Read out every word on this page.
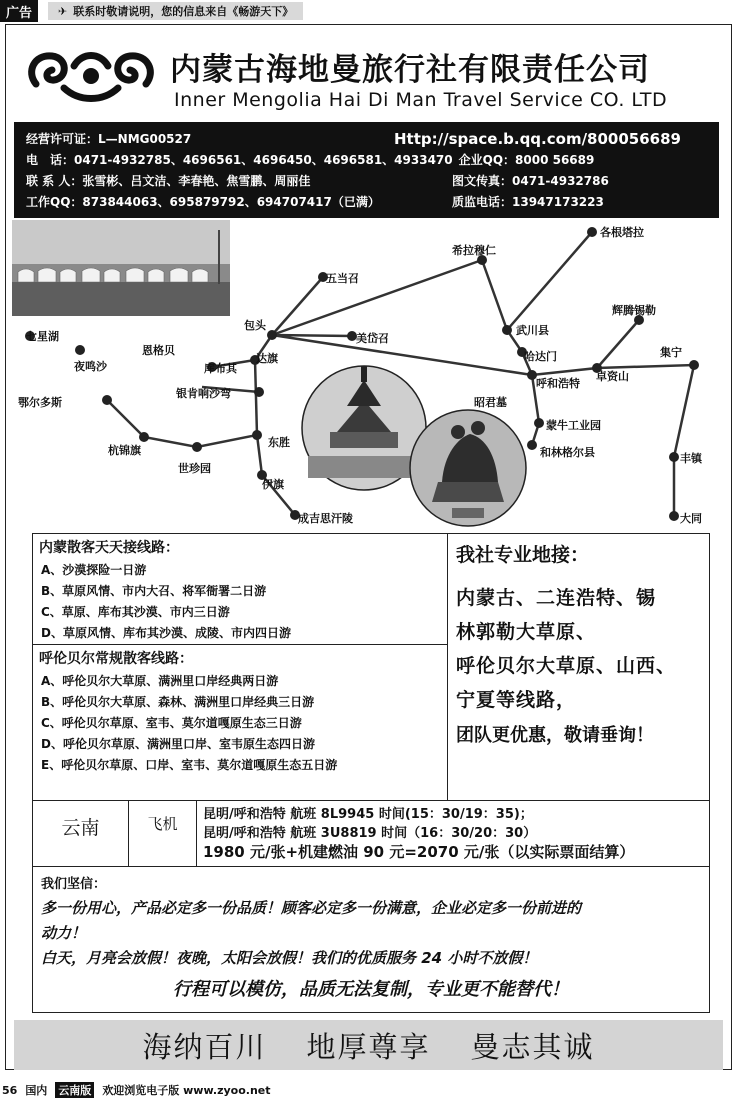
广告	✈ 联系时敬请说明，您的信息来自《畅游天下》
内蒙古海地曼旅行社有限责任公司
Inner Mengolia Hai Di Man Travel Service CO. LTD
经营许可证：L—NMG00527	Http://space.b.qq.com/800056689
电　话：0471-4932785、4696561、4696450、4696581、4933470 企业QQ：8000 56689
联 系 人：张雪彬、吕文洁、李春艳、焦雪鹏、周丽佳	图文传真：0471-4932786
工作QQ：873844063、695879792、694707417（已满）	质监电话：13947173223
七星湖
夜鸣沙
鄂尔多斯
五当召
包头
恩格贝
库布其
达旗
美岱召
银肯响沙弯
杭锦旗
世珍园
东胜
伊旗
成吉思汗陵
希拉穆仁
武川县
哈达门
呼和浩特
昭君墓
蒙牛工业园
和林格尔县
卓资山
集宁
辉腾锡勒
各根塔拉
丰镇
大同
内蒙散客天天接线路：
A、沙漠探险一日游
B、草原风情、市内大召、将军衙署二日游
C、草原、库布其沙漠、市内三日游
D、草原风情、库布其沙漠、成陵、市内四日游
呼伦贝尔常规散客线路：
A、呼伦贝尔大草原、满洲里口岸经典两日游
B、呼伦贝尔大草原、森林、满洲里口岸经典三日游
C、呼伦贝尔草原、室韦、莫尔道嘎原生态三日游
D、呼伦贝尔草原、满洲里口岸、室韦原生态四日游
E、呼伦贝尔草原、口岸、室韦、莫尔道嘎原生态五日游
我社专业地接：
内蒙古、二连浩特、锡
林郭勒大草原、
呼伦贝尔大草原、山西、
宁夏等线路，
团队更优惠，敬请垂询！
云南	飞机
昆明/呼和浩特 航班 8L9945 时间(15：30/19：35)；
昆明/呼和浩特 航班 3U8819 时间（16：30/20：30）
1980 元/张+机建燃油 90 元=2070 元/张（以实际票面结算）
我们坚信：
多一份用心，产品必定多一份品质！顾客必定多一份满意，企业必定多一份前进的
动力！
白天，月亮会放假！夜晚，太阳会放假！我们的优质服务 24 小时不放假！
行程可以模仿，品质无法复制，专业更不能替代！
海纳百川 地厚尊享 曼志其诚
56 国内 云南版 欢迎浏览电子版 www.zyoo.net
